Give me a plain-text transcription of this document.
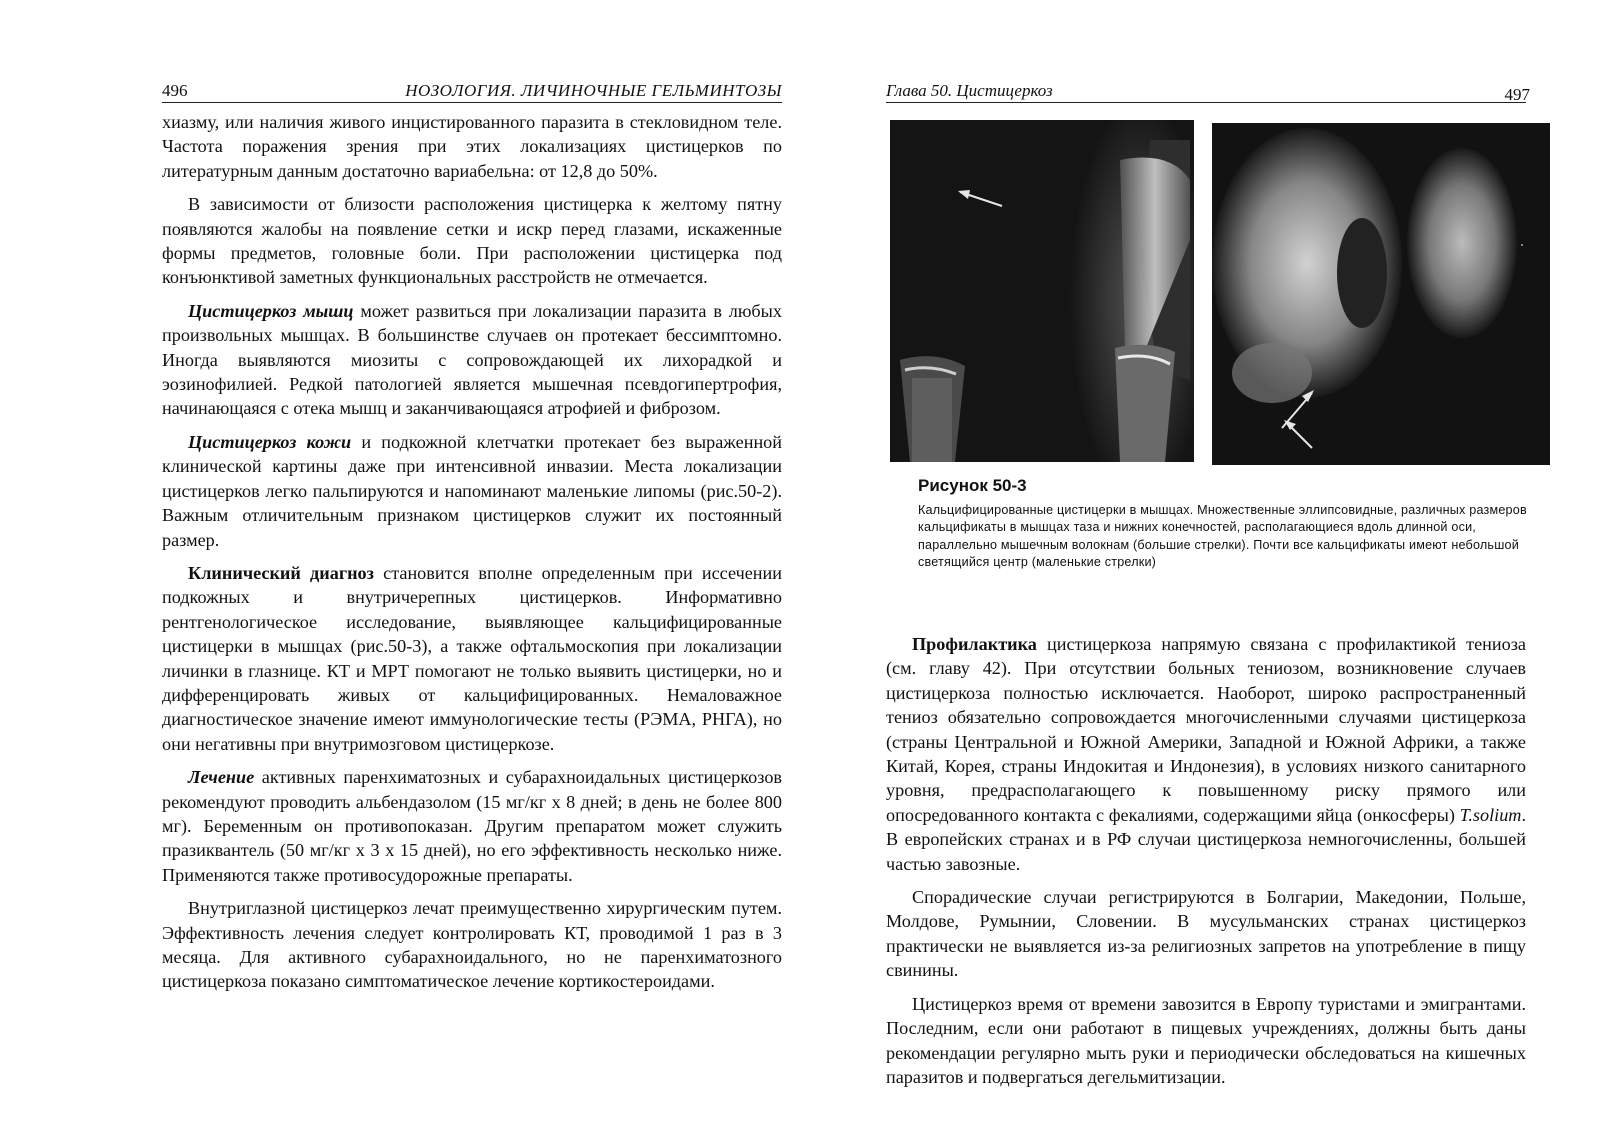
496	НОЗОЛОГИЯ. ЛИЧИНОЧНЫЕ ГЕЛЬМИНТОЗЫ

хиазму, или наличия живого инцистированного паразита в стекловидном теле. Частота поражения зрения при этих локализациях цистицерков по литературным данным достаточно вариабельна: от 12,8 до 50%.

В зависимости от близости расположения цистицерка к желтому пятну появляются жалобы на появление сетки и искр перед глазами, искаженные формы предметов, головные боли. При расположении цистицерка под конъюнктивой заметных функциональных расстройств не отмечается.

Цистицеркоз мышц может развиться при локализации паразита в любых произвольных мышцах. В большинстве случаев он протекает бессимптомно. Иногда выявляются миозиты с сопровождающей их лихорадкой и эозинофилией. Редкой патологией является мышечная псевдогипертрофия, начинающаяся с отека мышц и заканчивающаяся атрофией и фиброзом.

Цистицеркоз кожи и подкожной клетчатки протекает без выраженной клинической картины даже при интенсивной инвазии. Места локализации цистицерков легко пальпируются и напоминают маленькие липомы (рис.50-2). Важным отличительным признаком цистицерков служит их постоянный размер.

Клинический диагноз становится вполне определенным при иссечении подкожных и внутричерепных цистицерков. Информативно рентгенологическое исследование, выявляющее кальцифицированные цистицерки в мышцах (рис.50-3), а также офтальмоскопия при локализации личинки в глазнице. КТ и МРТ помогают не только выявить цистицерки, но и дифференцировать живых от кальцифицированных. Немаловажное диагностическое значение имеют иммунологические тесты (РЭМА, РНГА), но они негативны при внутримозговом цистицеркозе.

Лечение активных паренхиматозных и субарахноидальных цистицеркозов рекомендуют проводить альбендазолом (15 мг/кг х 8 дней; в день не более 800 мг). Беременным он противопоказан. Другим препаратом может служить празиквантель (50 мг/кг х 3 х 15 дней), но его эффективность несколько ниже. Применяются также противосудорожные препараты.

Внутриглазной цистицеркоз лечат преимущественно хирургическим путем. Эффективность лечения следует контролировать КТ, проводимой 1 раз в 3 месяца. Для активного субарахноидального, но не паренхиматозного цистицеркоза показано симптоматическое лечение кортикостероидами.

Глава 50. Цистицеркоз	497

Рисунок 50-3

Кальцифицированные цистицерки в мышцах. Множественные эллипсовидные, различных размеров кальцификаты в мышцах таза и нижних конечностей, располагающиеся вдоль длинной оси, параллельно мышечным волокнам (большие стрелки). Почти все кальцификаты имеют небольшой светящийся центр (маленькие стрелки)

Профилактика цистицеркоза напрямую связана с профилактикой тениоза (см. главу 42). При отсутствии больных тениозом, возникновение случаев цистицеркоза полностью исключается. Наоборот, широко распространенный тениоз обязательно сопровождается многочисленными случаями цистицеркоза (страны Центральной и Южной Америки, Западной и Южной Африки, а также Китай, Корея, страны Индокитая и Индонезия), в условиях низкого санитарного уровня, предрасполагающего к повышенному риску прямого или опосредованного контакта с фекалиями, содержащими яйца (онкосферы) T.solium. В европейских странах и в РФ случаи цистицеркоза немногочисленны, большей частью завозные.

Спорадические случаи регистрируются в Болгарии, Македонии, Польше, Молдове, Румынии, Словении. В мусульманских странах цистицеркоз практически не выявляется из-за религиозных запретов на употребление в пищу свинины.

Цистицеркоз время от времени завозится в Европу туристами и эмигрантами. Последним, если они работают в пищевых учреждениях, должны быть даны рекомендации регулярно мыть руки и периодически обследоваться на кишечных паразитов и подвергаться дегельмитизации.
